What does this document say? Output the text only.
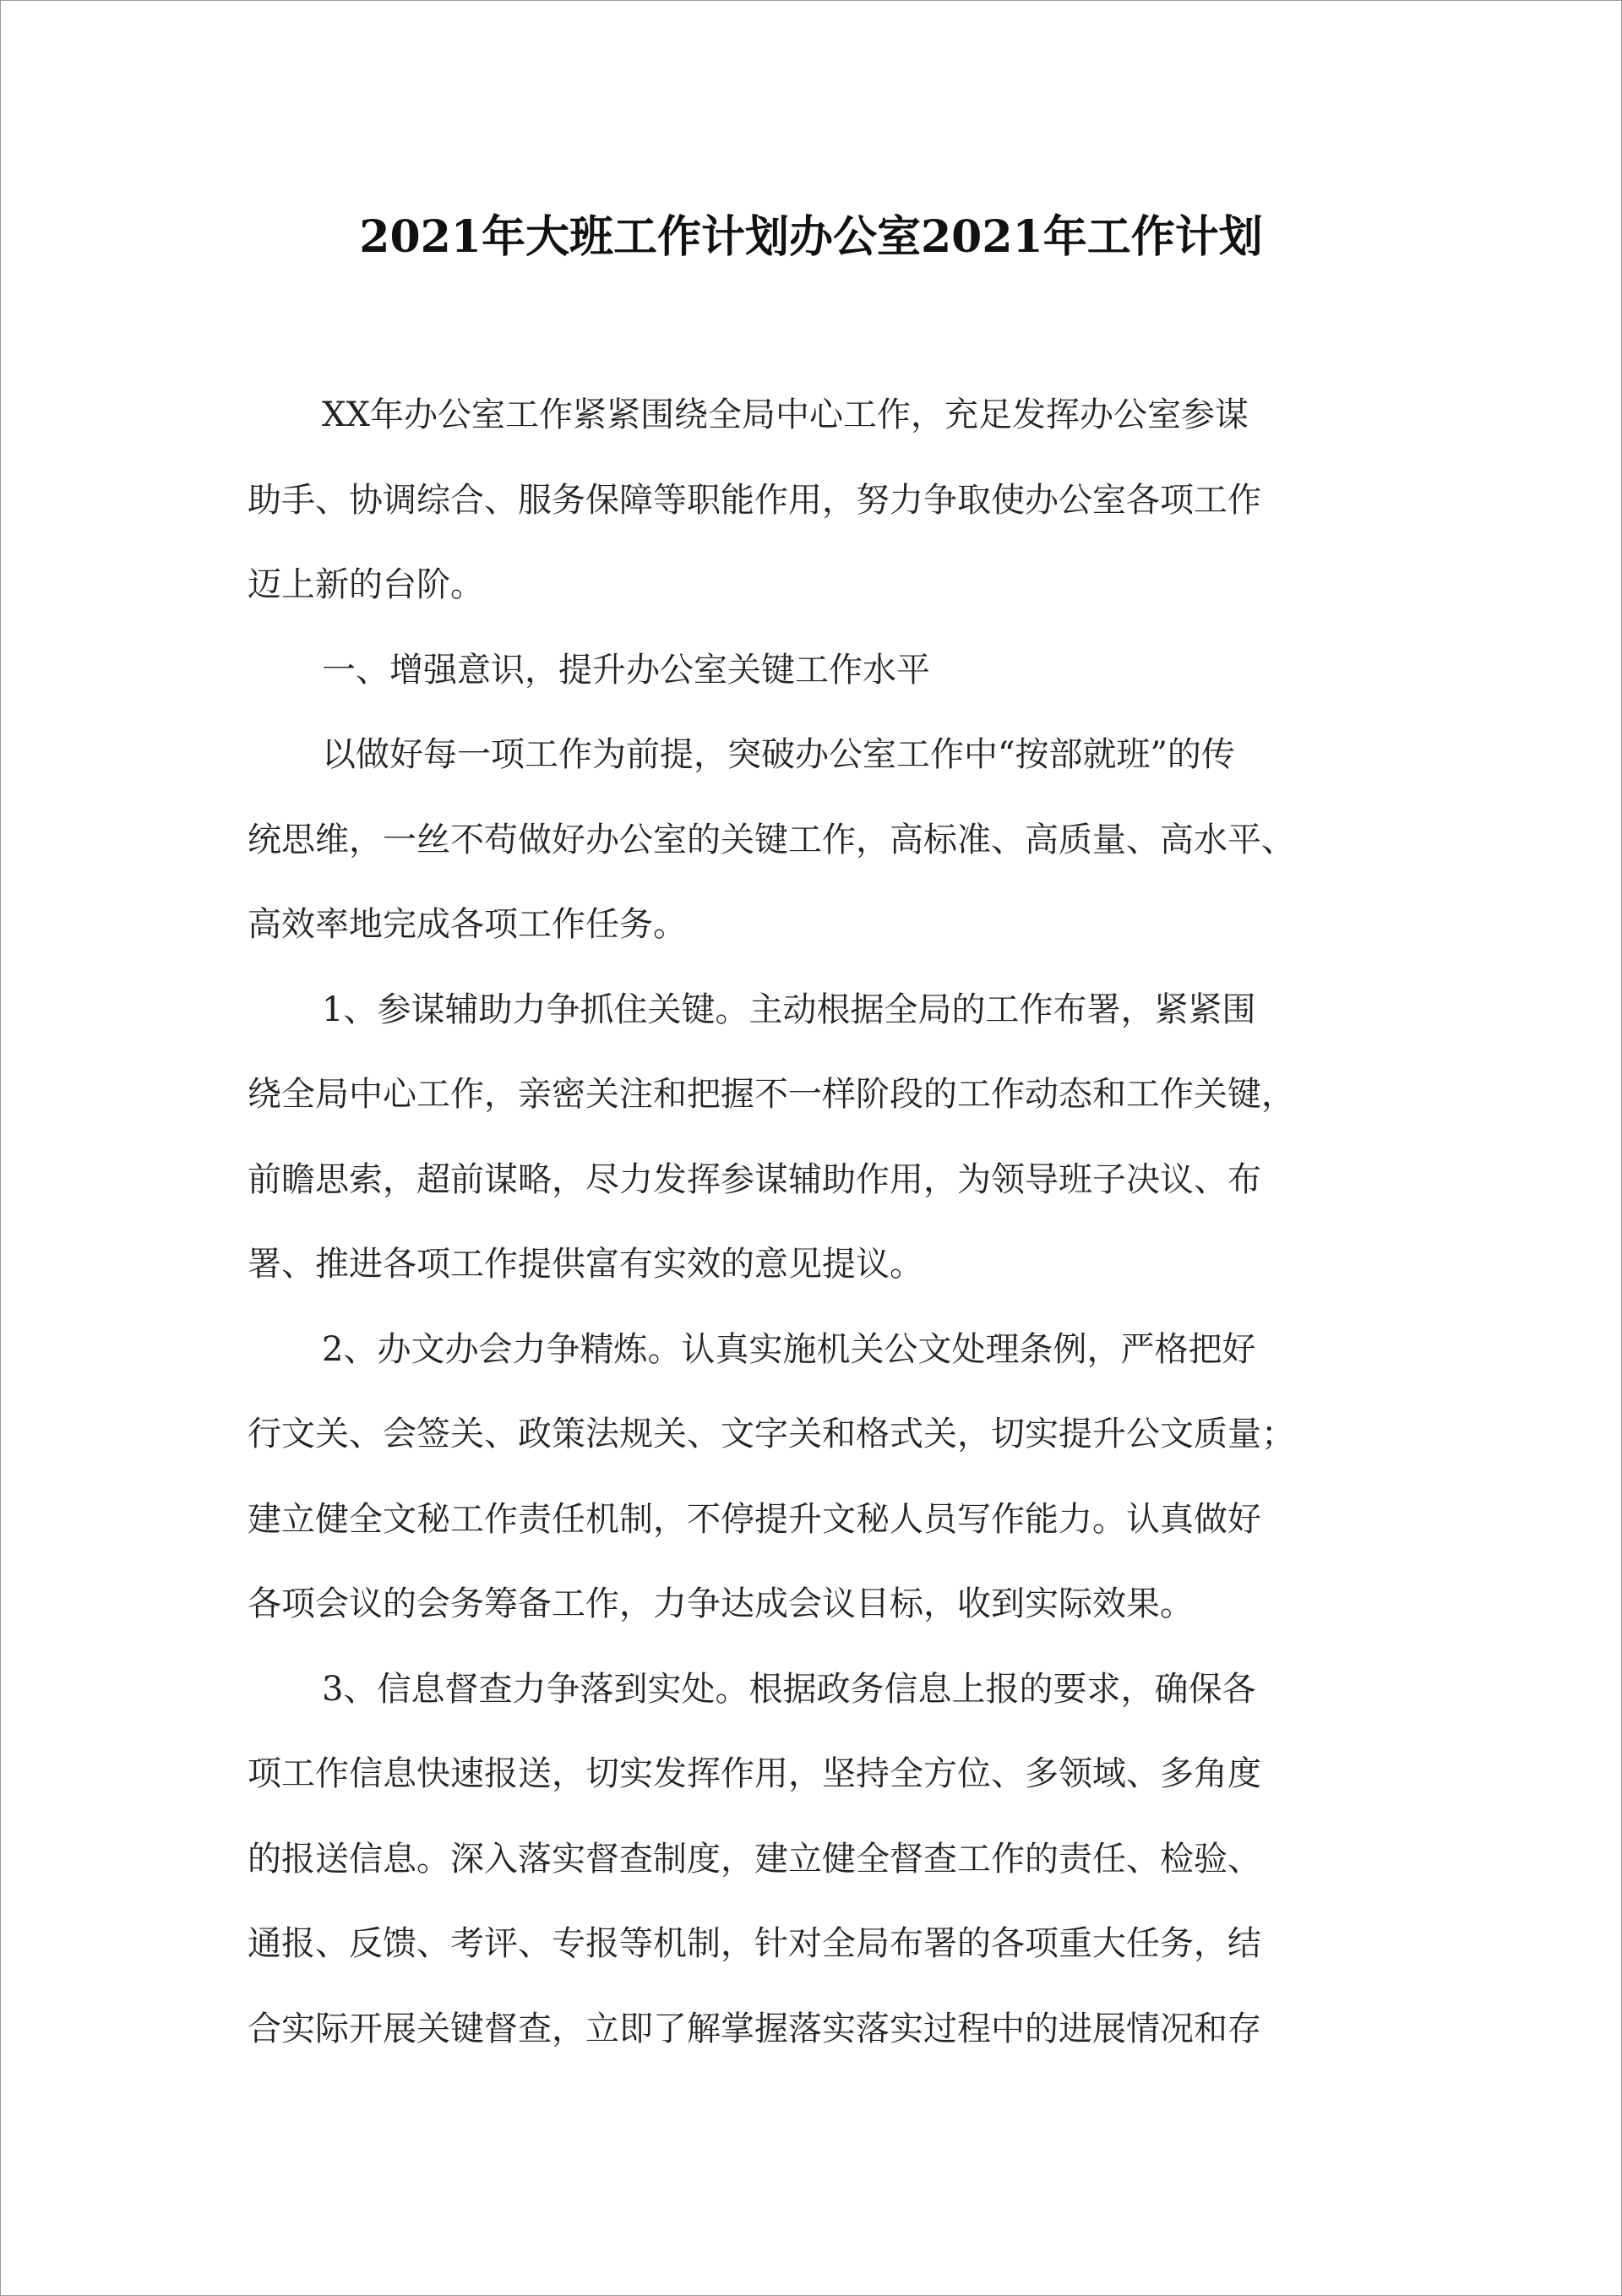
2021年大班工作计划办公室2021年工作计划
XX年办公室工作紧紧围绕全局中心工作，充足发挥办公室参谋
助手、协调综合、服务保障等职能作用，努力争取使办公室各项工作
迈上新的台阶。
一、增强意识，提升办公室关键工作水平
以做好每一项工作为前提，突破办公室工作中“按部就班”的传
统思维，一丝不苟做好办公室的关键工作，高标准、高质量、高水平、
高效率地完成各项工作任务。
1、参谋辅助力争抓住关键。主动根据全局的工作布署，紧紧围
绕全局中心工作，亲密关注和把握不一样阶段的工作动态和工作关键，
前瞻思索，超前谋略，尽力发挥参谋辅助作用，为领导班子决议、布
署、推进各项工作提供富有实效的意见提议。
2、办文办会力争精炼。认真实施机关公文处理条例，严格把好
行文关、会签关、政策法规关、文字关和格式关，切实提升公文质量；
建立健全文秘工作责任机制，不停提升文秘人员写作能力。认真做好
各项会议的会务筹备工作，力争达成会议目标，收到实际效果。
3、信息督查力争落到实处。根据政务信息上报的要求，确保各
项工作信息快速报送，切实发挥作用，坚持全方位、多领域、多角度
的报送信息。深入落实督查制度，建立健全督查工作的责任、检验、
通报、反馈、考评、专报等机制，针对全局布署的各项重大任务，结
合实际开展关键督查，立即了解掌握落实落实过程中的进展情况和存
